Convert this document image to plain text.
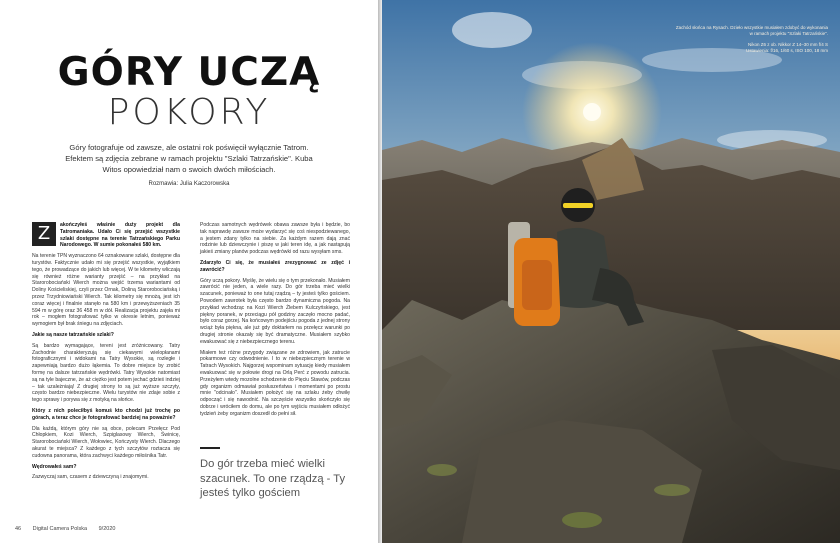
GÓRY UCZĄ
POKORY
Góry fotografuje od zawsze, ale ostatni rok poświęcił wyłącznie Tatrom. Efektem są zdjęcia zebrane w ramach projektu "Szlaki Tatrzańskie". Kuba Witos opowiedział nam o swoich dwóch miłościach.
Rozmawia: Julia Kaczorowska

Z	akończyłeś właśnie duży projekt dla Tatromaniaka. Udało Ci się przejść wszystkie szlaki dostępne na terenie Tatrzańskiego Parku Narodowego. W sumie pokonałeś 580 km.

Na terenie TPN wyznaczono 64 oznakowane szlaki, dostępne dla turystów. Faktycznie udało mi się przejść wszystkie, wyjątkiem tego, że prowadzące do jakich lub więcej. W te kilometry wliczają się również różne warianty przejść – na przykład na Starorobociański Wierch można wejść trzema wariantami od Doliny Kościeliskiej, czyli przez Ornak, Doliną Starorobociańską i przez Trzydniowiański Wierch. Tak kilometry się mnożą, jest ich coraz więcej i finalnie stanęło na 580 km i przewyższeniach 35 594 m w górę oraz 36 458 m w dół. Realizacja projektu zajęła mi rok – mogłem fotografować tylko w okresie letnim, ponieważ wymogiem był brak śniegu na zdjęciach.

Jakie są nasze tatrzańskie szlaki?

Są bardzo wymagające, tereni jest zróżnicowany. Tatry Zachodnie charakteryzują się ciekawymi wielopłanami fotograficznymi i widokami na Tatry Wysokie, są rozległe i zapewniają bardzo dużo łąkemia. To dobre miejsce by zrobić formę na dalsze tatrzańskie wędrówki. Tatry Wysokie natomiast są na tyle bajeczne, że aż ciężko jest potem jechać gdzieś indziej – tak uzależniają! Z drugiej strony to są już wyższe szczyty, często bardzo niebezpieczne. Wielu turystów nie zdaje sobie z tego sprawy i porywa się z motyką na słońce.

Który z nich poleciłbyś komuś kto chodzi już trochę po górach, a teraz chce je fotografować bardziej na poważnie?

Dla kaźdą, którym góry nie są obce, polecam Przełęcz Pod Chłopkiem, Kozi Wierch, Szpiglasowy Wierch, Świnicę, Starorobociański Wierch, Wołowiec, Kończysty Wierch. Dlaczego akurat te miejsca? Z każdego z tych szczytów roztacza się cudowna panorama, która zachwyci każdego miłośnika Tatr.

Wędrowałeś sam?

Zazwyczaj sam, czasem z dziewczyną i znajomymi.

Podczas samotnych wędrówek obawa zawsze była i będzie, bo tak naprawdę zawsze może wydarzyć się coś niespodziewanego, a jestem zdany tylko na siebie. Za każdym razem dają znać rodzinie lub dziewczynie i piszę w jaki teren idę, a jak nastąpują jakieś zmiany planów podczas wędrówki od razu wysyłam sms.

Zdarzyło Ci się, że musiałeś zrezygnować ze zdjęć i zawrócić?

Góry uczą pokory. Myślę, że wielu się o tym przekonało. Musiałem zawrócić nie jeden, a wiele razy. Do gór trzeba mieć wielki szacunek, ponieważ to one tutaj rządzą – ty jesteś tylko gościem. Powodem zawrotek była często bardzo dynamiczna pogoda. Na przykład wchodząc na Kozi Wierch Żlebem Kulczyńskiego, jest piękny poranek, w przeciągu pół godziny zaczęło mocno padać, było coraz gorzej. Na końcowym podejściu pogoda z jednej strony wciąż była piękna, ale już gdy doktarłem na przełęcz warunki po drugiej stronie okazały się być dramatyczne. Musiałem szybko ewakuować się z niebezpiecznego terenu.

Miałem też różne przygody związane ze zdrowiem, jak zatrucie pokarmowe czy odwodnienie. I to w niebezpiecznym terenie w Tatrach Wysokich. Najgorzej wspominam sytuację kiedy musiałem ewakuować się w połowie drogi na Orlą Perć z powodu zatrucia. Przeżyłem wtedy mozolne schodzenie do Pięciu Stawów, podczas gdy organizm odmawiał posłuszeństwa i momentami po prostu mnie "odcinało". Musiałem położyć się na szlaku żeby chwilę odpocząć i się nawodnić. Na szczęście wszystko skończyło się dobrze i wróciłem do domu, ale po tym wyjściu musiałem odłożyć tydzień żeby organizm doszedł do pełni sił.

Do gór trzeba mieć wielki szacunek. To one rządzą - Ty jesteś tylko gościem
46 Digital Camera Polska 9/2020
Zachód słońca na Rysach. Dzieło wszystkie musiałem zdobyć do wykonania
w ramach projektu "Szlaki Tatrzańskie".
Nikon Z6 z ob. Nikkor Z 14–30 mm f/4 S
Ustawienia: f/16, 1/60 s, ISO 100, 18 mm
